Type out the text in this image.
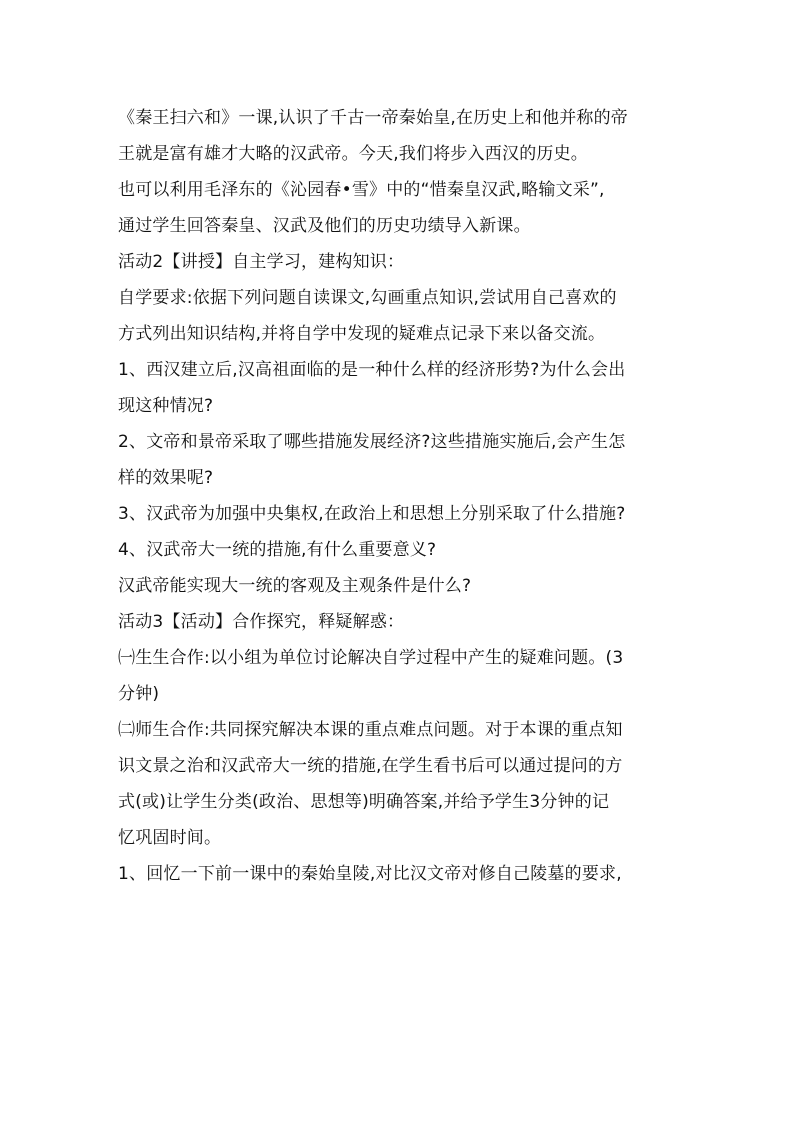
《秦王扫六和》一课,认识了千古一帝秦始皇,在历史上和他并称的帝
王就是富有雄才大略的汉武帝。今天,我们将步入西汉的历史。
也可以利用毛泽东的《沁园春•雪》中的“惜秦皇汉武,略输文采”,
通过学生回答秦皇、汉武及他们的历史功绩导入新课。
活动2【讲授】自主学习，建构知识：
自学要求:依据下列问题自读课文,勾画重点知识,尝试用自己喜欢的
方式列出知识结构,并将自学中发现的疑难点记录下来以备交流。
1、西汉建立后,汉高祖面临的是一种什么样的经济形势?为什么会出
现这种情况?
2、文帝和景帝采取了哪些措施发展经济?这些措施实施后,会产生怎
样的效果呢?
3、汉武帝为加强中央集权,在政治上和思想上分别采取了什么措施?
4、汉武帝大一统的措施,有什么重要意义?
汉武帝能实现大一统的客观及主观条件是什么?
活动3【活动】合作探究，释疑解惑：
㈠生生合作:以小组为单位讨论解决自学过程中产生的疑难问题。(3
分钟)
㈡师生合作:共同探究解决本课的重点难点问题。对于本课的重点知
识文景之治和汉武帝大一统的措施,在学生看书后可以通过提问的方
式(或)让学生分类(政治、思想等)明确答案,并给予学生3分钟的记
忆巩固时间。
1、回忆一下前一课中的秦始皇陵,对比汉文帝对修自己陵墓的要求,
